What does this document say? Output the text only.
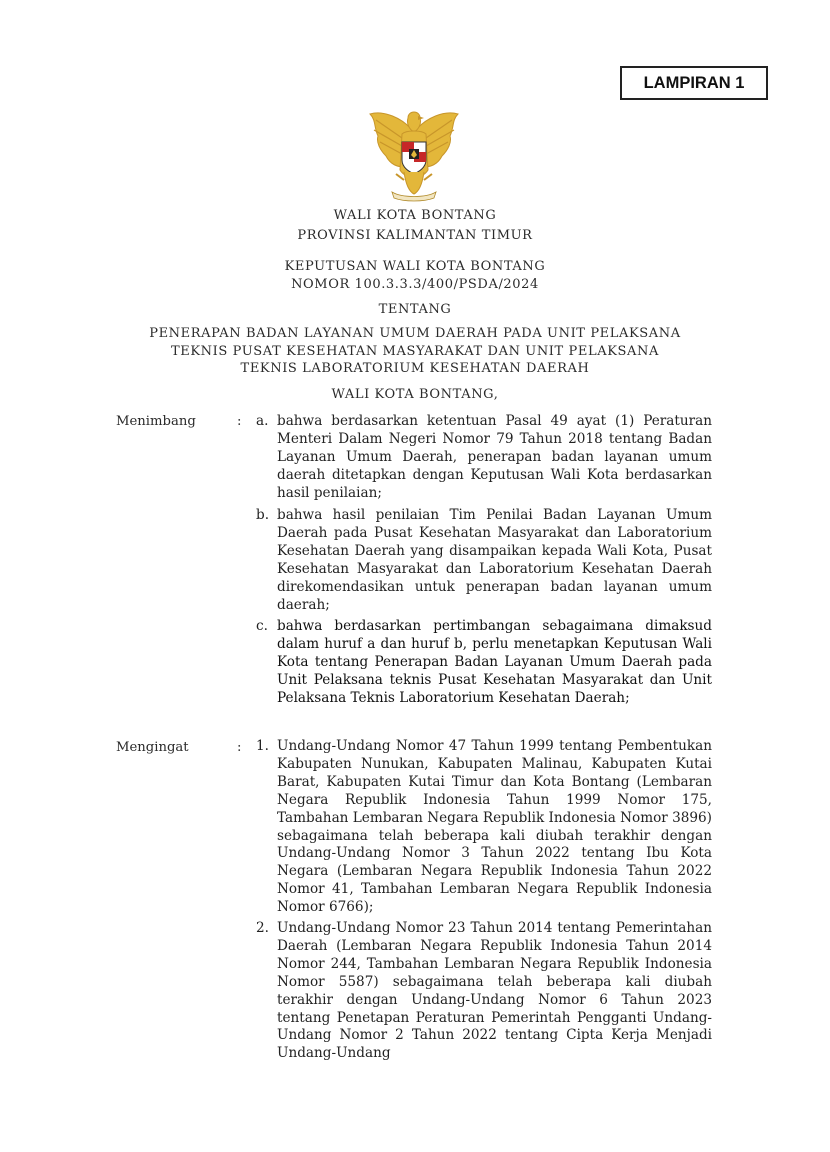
LAMPIRAN 1
WALI KOTA BONTANG
PROVINSI KALIMANTAN TIMUR
KEPUTUSAN WALI KOTA BONTANG
NOMOR 100.3.3.3/400/PSDA/2024
TENTANG
PENERAPAN BADAN LAYANAN UMUM DAERAH PADA UNIT PELAKSANA
TEKNIS PUSAT KESEHATAN MASYARAKAT DAN UNIT PELAKSANA
TEKNIS LABORATORIUM KESEHATAN DAERAH
WALI KOTA BONTANG,
Menimbang	: a. bahwa berdasarkan ketentuan Pasal 49 ayat (1) Peraturan Menteri Dalam Negeri Nomor 79 Tahun 2018 tentang Badan Layanan Umum Daerah, penerapan badan layanan umum daerah ditetapkan dengan Keputusan Wali Kota berdasarkan hasil penilaian;

b. bahwa hasil penilaian Tim Penilai Badan Layanan Umum Daerah pada Pusat Kesehatan Masyarakat dan Laboratorium Kesehatan Daerah yang disampaikan kepada Wali Kota, Pusat Kesehatan Masyarakat dan Laboratorium Kesehatan Daerah direkomendasikan untuk penerapan badan layanan umum daerah;

c. bahwa berdasarkan pertimbangan sebagaimana dimaksud dalam huruf a dan huruf b, perlu menetapkan Keputusan Wali Kota tentang Penerapan Badan Layanan Umum Daerah pada Unit Pelaksana teknis Pusat Kesehatan Masyarakat dan Unit Pelaksana Teknis Laboratorium Kesehatan Daerah;

Mengingat	: 1. Undang-Undang Nomor 47 Tahun 1999 tentang Pembentukan Kabupaten Nunukan, Kabupaten Malinau, Kabupaten Kutai Barat, Kabupaten Kutai Timur dan Kota Bontang (Lembaran Negara Republik Indonesia Tahun 1999 Nomor 175, Tambahan Lembaran Negara Republik Indonesia Nomor 3896) sebagaimana telah beberapa kali diubah terakhir dengan Undang-Undang Nomor 3 Tahun 2022 tentang Ibu Kota Negara (Lembaran Negara Republik Indonesia Tahun 2022 Nomor 41, Tambahan Lembaran Negara Republik Indonesia Nomor 6766);

2. Undang-Undang Nomor 23 Tahun 2014 tentang Pemerintahan Daerah (Lembaran Negara Republik Indonesia Tahun 2014 Nomor 244, Tambahan Lembaran Negara Republik Indonesia Nomor 5587) sebagaimana telah beberapa kali diubah terakhir dengan Undang-Undang Nomor 6 Tahun 2023 tentang Penetapan Peraturan Pemerintah Pengganti Undang-Undang Nomor 2 Tahun 2022 tentang Cipta Kerja Menjadi Undang-Undang
